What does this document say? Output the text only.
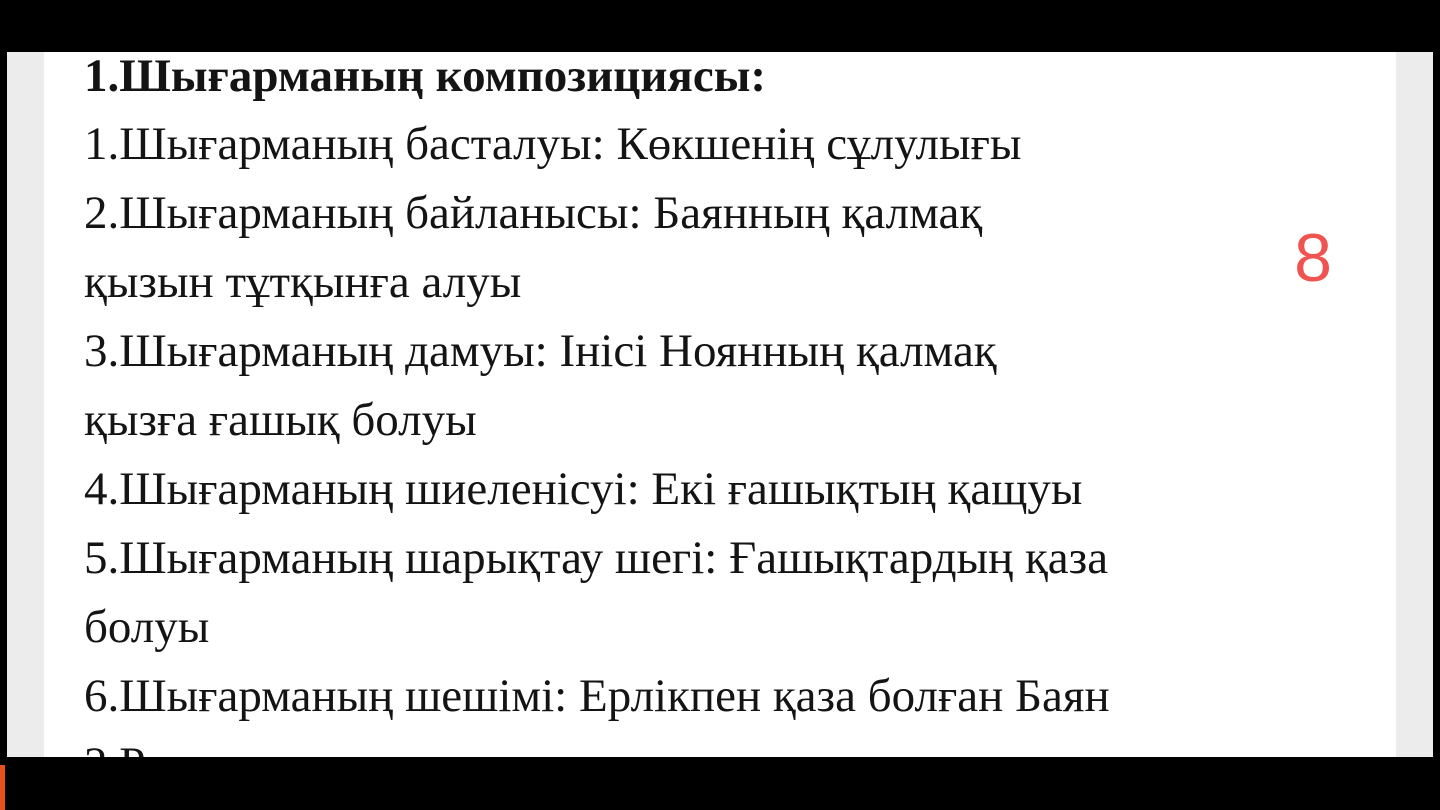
1.Шығарманың композициясы:
1.Шығарманың басталуы: Көкшенің сұлулығы
2.Шығарманың байланысы: Баянның қалмақ
қызын тұтқынға алуы
3.Шығарманың дамуы: Інісі Ноянның қалмақ
қызға ғашық болуы
4.Шығарманың шиеленісуі: Екі ғашықтың қащуы
5.Шығарманың шарықтау шегі: Ғашықтардың қаза
болуы
6.Шығарманың шешімі: Ерлікпен қаза болған Баян
8
